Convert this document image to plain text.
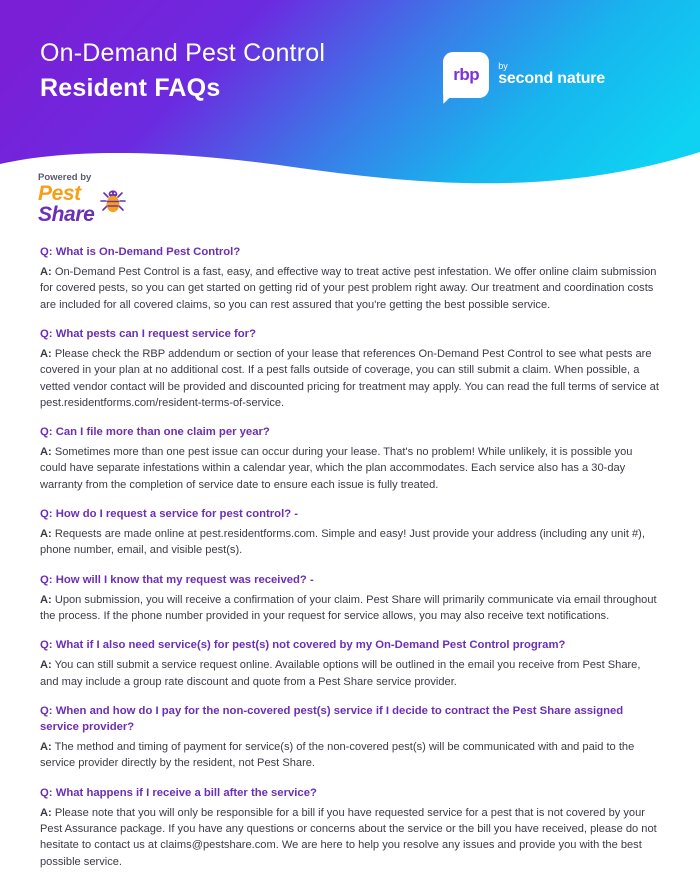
On-Demand Pest Control
Resident FAQs	rbp by
second nature
Powered by
Pest
Share

Q: What is On-Demand Pest Control?

A: On-Demand Pest Control is a fast, easy, and effective way to treat active pest infestation. We offer online claim submission for covered pests, so you can get started on getting rid of your pest problem right away. Our treatment and coordination costs are included for all covered claims, so you can rest assured that you're getting the best possible service.

Q: What pests can I request service for?

A: Please check the RBP addendum or section of your lease that references On-Demand Pest Control to see what pests are covered in your plan at no additional cost. If a pest falls outside of coverage, you can still submit a claim. When possible, a vetted vendor contact will be provided and discounted pricing for treatment may apply. You can read the full terms of service at pest.residentforms.com/resident-terms-of-service.

Q: Can I file more than one claim per year?

A: Sometimes more than one pest issue can occur during your lease. That's no problem! While unlikely, it is possible you could have separate infestations within a calendar year, which the plan accommodates. Each service also has a 30-day warranty from the completion of service date to ensure each issue is fully treated.

Q: How do I request a service for pest control? -

A: Requests are made online at pest.residentforms.com. Simple and easy! Just provide your address (including any unit #), phone number, email, and visible pest(s).

Q: How will I know that my request was received? -

A: Upon submission, you will receive a confirmation of your claim. Pest Share will primarily communicate via email throughout the process. If the phone number provided in your request for service allows, you may also receive text notifications.

Q: What if I also need service(s) for pest(s) not covered by my On-Demand Pest Control program?

A: You can still submit a service request online. Available options will be outlined in the email you receive from Pest Share, and may include a group rate discount and quote from a Pest Share service provider.

Q: When and how do I pay for the non-covered pest(s) service if I decide to contract the Pest Share assigned service provider?

A: The method and timing of payment for service(s) of the non-covered pest(s) will be communicated with and paid to the service provider directly by the resident, not Pest Share.

Q: What happens if I receive a bill after the service?

A: Please note that you will only be responsible for a bill if you have requested service for a pest that is not covered by your Pest Assurance package. If you have any questions or concerns about the service or the bill you have received, please do not hesitate to contact us at claims@pestshare.com. We are here to help you resolve any issues and provide you with the best possible service.
